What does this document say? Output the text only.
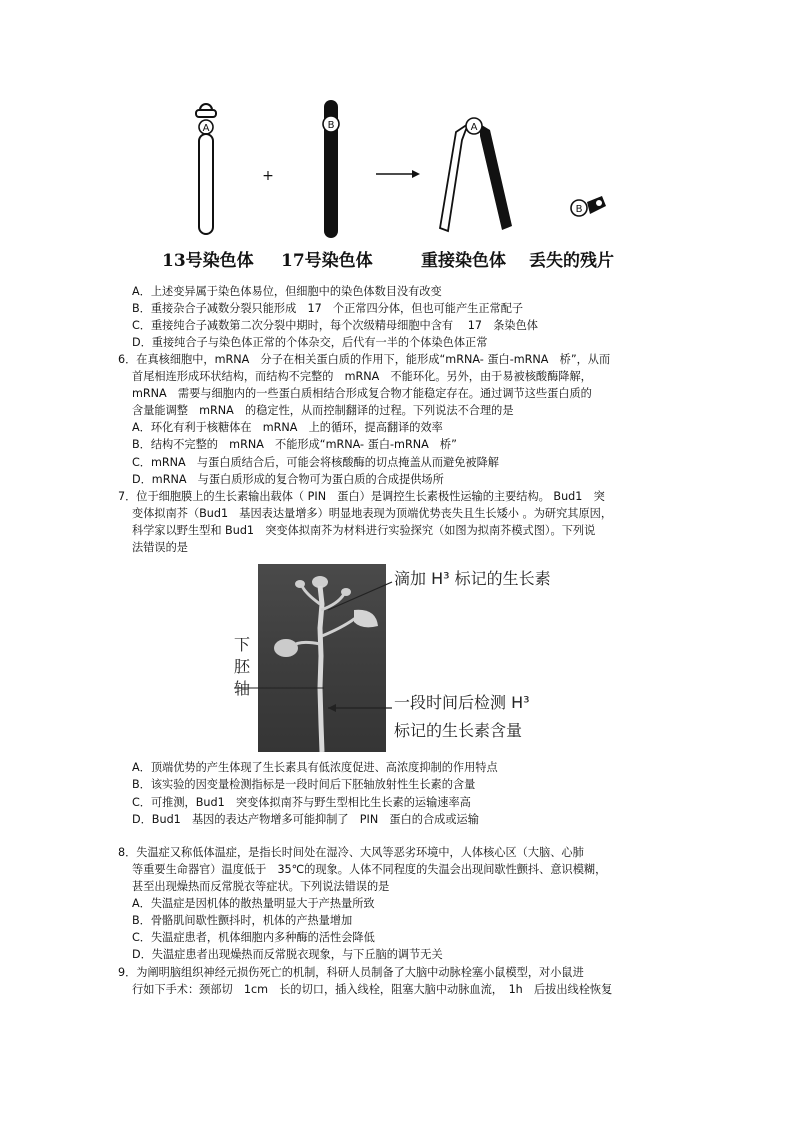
A
+
B	A
B
13号染色体 17号染色体	重接染色体 丢失的残片
A．上述变异属于染色体易位，但细胞中的染色体数目没有改变
B．重接杂合子减数分裂只能形成　17　个正常四分体，但也可能产生正常配子
C．重接纯合子减数第二次分裂中期时，每个次级精母细胞中含有　 17　条染色体
D．重接纯合子与染色体正常的个体杂交，后代有一半的个体染色体正常
6．在真核细胞中，mRNA　分子在相关蛋白质的作用下，能形成“mRNA- 蛋白-mRNA　桥”，从而
首尾相连形成环状结构，而结构不完整的　mRNA　不能环化。另外，由于易被核酸酶降解，
mRNA　需要与细胞内的一些蛋白质相结合形成复合物才能稳定存在。通过调节这些蛋白质的
含量能调整　mRNA　的稳定性，从而控制翻译的过程。下列说法不合理的是
A．环化有利于核糖体在　mRNA　上的循环，提高翻译的效率
B．结构不完整的　mRNA　不能形成“mRNA- 蛋白-mRNA　桥”
C．mRNA　与蛋白质结合后，可能会将核酸酶的切点掩盖从而避免被降解
D．mRNA　与蛋白质形成的复合物可为蛋白质的合成提供场所
7．位于细胞膜上的生长素输出载体（ PIN　蛋白）是调控生长素极性运输的主要结构。 Bud1　突
变体拟南芥（Bud1　基因表达量增多）明显地表现为顶端优势丧失且生长矮小 。为研究其原因，
科学家以野生型和 Bud1　突变体拟南芥为材料进行实验探究（如图为拟南芥模式图）。下列说
法错误的是
滴加 H³ 标记的生长素
下
胚
轴
一段时间后检测 H³
标记的生长素含量
A．顶端优势的产生体现了生长素具有低浓度促进、高浓度抑制的作用特点
B．该实验的因变量检测指标是一段时间后下胚轴放射性生长素的含量
C．可推测，Bud1　突变体拟南芥与野生型相比生长素的运输速率高
D．Bud1　基因的表达产物增多可能抑制了　PIN　蛋白的合成或运输
8．失温症又称低体温症，是指长时间处在湿冷、大风等恶劣环境中，人体核心区（大脑、心肺
等重要生命器官）温度低于　35℃的现象。人体不同程度的失温会出现间歇性颤抖、意识模糊，
甚至出现燥热而反常脱衣等症状。下列说法错误的是
A．失温症是因机体的散热量明显大于产热量所致
B．骨骼肌间歇性颤抖时，机体的产热量增加
C．失温症患者，机体细胞内多种酶的活性会降低
D．失温症患者出现燥热而反常脱衣现象，与下丘脑的调节无关
9．为阐明脑组织神经元损伤死亡的机制，科研人员制备了大脑中动脉栓塞小鼠模型，对小鼠进
行如下手术：颈部切　1cm　长的切口，插入线栓，阻塞大脑中动脉血流，　1h　后拔出线栓恢复
